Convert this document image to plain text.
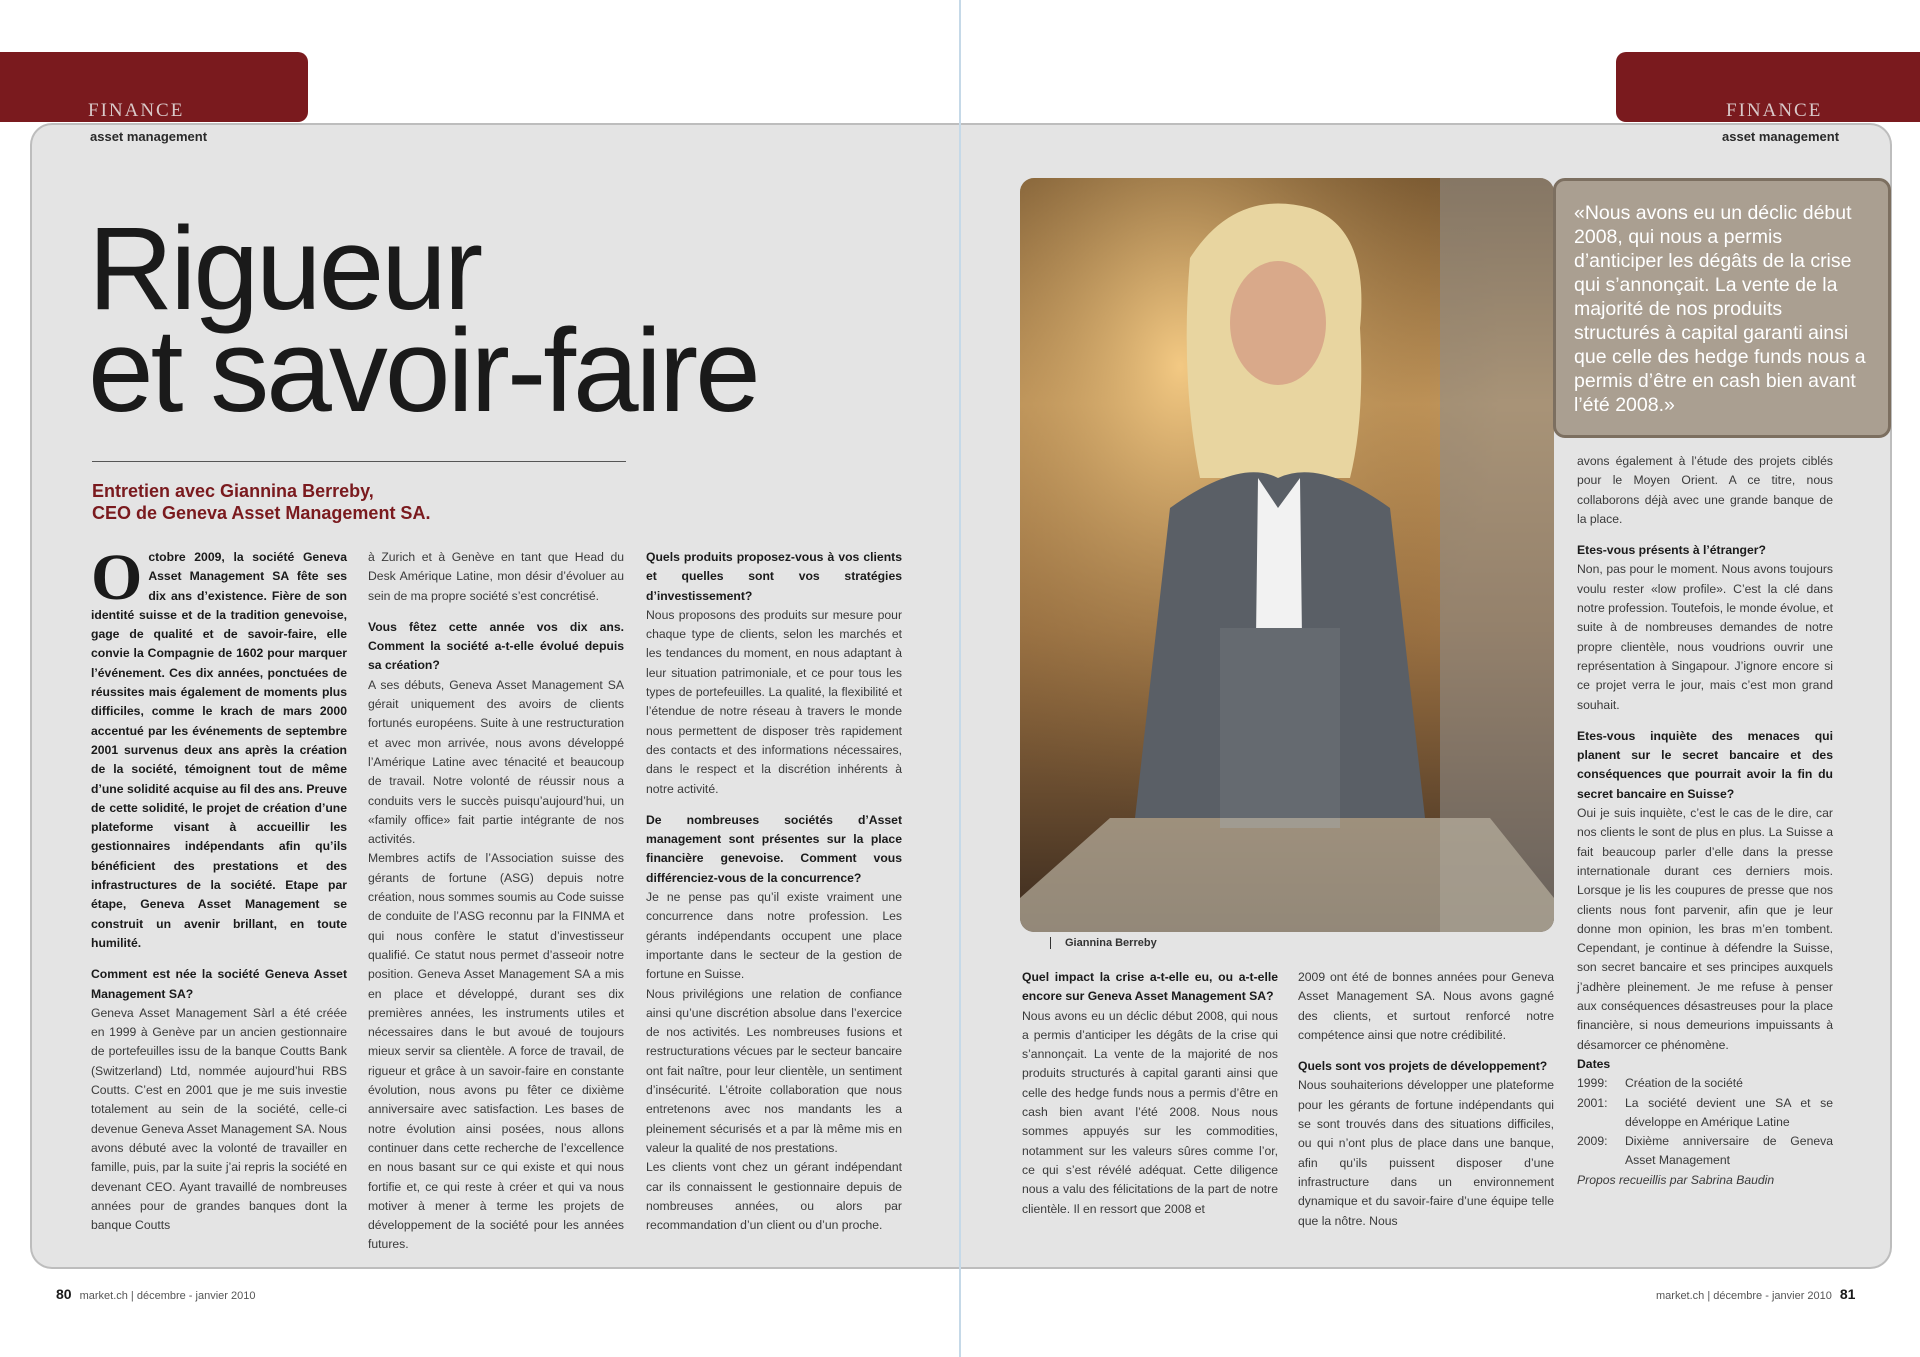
FINANCE
asset management
FINANCE
asset management
Rigueur
et savoir-faire
Entretien avec Giannina Berreby,
CEO de Geneva Asset Management SA.

Octobre 2009, la société Geneva Asset Management SA fête ses dix ans d’existence. Fière de son identité suisse et de la tradition genevoise, gage de qualité et de savoir-faire, elle convie la Compagnie de 1602 pour marquer l’événement. Ces dix années, ponctuées de réussites mais également de moments plus difficiles, comme le krach de mars 2000 accentué par les événements de septembre 2001 survenus deux ans après la création de la société, témoignent tout de même d’une solidité acquise au fil des ans. Preuve de cette solidité, le projet de création d’une plateforme visant à accueillir les gestionnaires indépendants afin qu’ils bénéficient des prestations et des infrastructures de la société. Etape par étape, Geneva Asset Management se construit un avenir brillant, en toute humilité.

Comment est née la société Geneva Asset Management SA?

Geneva Asset Management Sàrl a été créée en 1999 à Genève par un ancien gestionnaire de portefeuilles issu de la banque Coutts Bank (Switzerland) Ltd, nommée aujourd’hui RBS Coutts. C’est en 2001 que je me suis investie totalement au sein de la société, celle-ci devenue Geneva Asset Management SA. Nous avons débuté avec la volonté de travailler en famille, puis, par la suite j’ai repris la société en devenant CEO. Ayant travaillé de nombreuses années pour de grandes banques dont la banque Coutts

à Zurich et à Genève en tant que Head du Desk Amérique Latine, mon désir d’évoluer au sein de ma propre société s’est concrétisé.

Vous fêtez cette année vos dix ans. Comment la société a-t-elle évolué depuis sa création?

A ses débuts, Geneva Asset Management SA gérait uniquement des avoirs de clients fortunés européens. Suite à une restructuration et avec mon arrivée, nous avons développé l’Amérique Latine avec ténacité et beaucoup de travail. Notre volonté de réussir nous a conduits vers le succès puisqu’aujourd’hui, un «family office» fait partie intégrante de nos activités.

Membres actifs de l’Association suisse des gérants de fortune (ASG) depuis notre création, nous sommes soumis au Code suisse de conduite de l’ASG reconnu par la FINMA et qui nous confère le statut d’investisseur qualifié. Ce statut nous permet d’asseoir notre position. Geneva Asset Management SA a mis en place et développé, durant ses dix premières années, les instruments utiles et nécessaires dans le but avoué de toujours mieux servir sa clientèle. A force de travail, de rigueur et grâce à un savoir-faire en constante évolution, nous avons pu fêter ce dixième anniversaire avec satisfaction. Les bases de notre évolution ainsi posées, nous allons continuer dans cette recherche de l’excellence en nous basant sur ce qui existe et qui nous fortifie et, ce qui reste à créer et qui va nous motiver à mener à terme les projets de développement de la société pour les années futures.

Quels produits proposez-vous à vos clients et quelles sont vos stratégies d’investissement?

Nous proposons des produits sur mesure pour chaque type de clients, selon les marchés et les tendances du moment, en nous adaptant à leur situation patrimoniale, et ce pour tous les types de portefeuilles. La qualité, la flexibilité et l’étendue de notre réseau à travers le monde nous permettent de disposer très rapidement des contacts et des informations nécessaires, dans le respect et la discrétion inhérents à notre activité.

De nombreuses sociétés d’Asset management sont présentes sur la place financière genevoise. Comment vous différenciez-vous de la concurrence?

Je ne pense pas qu’il existe vraiment une concurrence dans notre profession. Les gérants indépendants occupent une place importante dans le secteur de la gestion de fortune en Suisse.

Nous privilégions une relation de confiance ainsi qu’une discrétion absolue dans l’exercice de nos activités. Les nombreuses fusions et restructurations vécues par le secteur bancaire ont fait naître, pour leur clientèle, un sentiment d’insécurité. L’étroite collaboration que nous entretenons avec nos mandants les a pleinement sécurisés et a par là même mis en valeur la qualité de nos prestations.

Les clients vont chez un gérant indépendant car ils connaissent le gestionnaire depuis de nombreuses années, ou alors par recommandation d’un client ou d’un proche.

Giannina Berreby
«Nous avons eu un déclic début 2008, qui nous a permis d’anticiper les dégâts de la crise qui s’annonçait. La vente de la majorité de nos produits structurés à capital garanti ainsi que celle des hedge funds nous a permis d’être en cash bien avant l’été 2008.»

Quel impact la crise a-t-elle eu, ou a-t-elle encore sur Geneva Asset Management SA?

Nous avons eu un déclic début 2008, qui nous a permis d’anticiper les dégâts de la crise qui s’annonçait. La vente de la majorité de nos produits structurés à capital garanti ainsi que celle des hedge funds nous a permis d’être en cash bien avant l’été 2008. Nous nous sommes appuyés sur les commodities, notamment sur les valeurs sûres comme l’or, ce qui s’est révélé adéquat. Cette diligence nous a valu des félicitations de la part de notre clientèle. Il en ressort que 2008 et

2009 ont été de bonnes années pour Geneva Asset Management SA. Nous avons gagné des clients, et surtout renforcé notre compétence ainsi que notre crédibilité.

Quels sont vos projets de développement?

Nous souhaiterions développer une plateforme pour les gérants de fortune indépendants qui se sont trouvés dans des situations difficiles, ou qui n’ont plus de place dans une banque, afin qu’ils puissent disposer d’une infrastructure dans un environnement dynamique et du savoir-faire d’une équipe telle que la nôtre. Nous

avons également à l’étude des projets ciblés pour le Moyen Orient. A ce titre, nous collaborons déjà avec une grande banque de la place.

Etes-vous présents à l’étranger?

Non, pas pour le moment. Nous avons toujours voulu rester «low profile». C’est la clé dans notre profession. Toutefois, le monde évolue, et suite à de nombreuses demandes de notre propre clientèle, nous voudrions ouvrir une représentation à Singapour. J’ignore encore si ce projet verra le jour, mais c’est mon grand souhait.

Etes-vous inquiète des menaces qui planent sur le secret bancaire et des conséquences que pourrait avoir la fin du secret bancaire en Suisse?

Oui je suis inquiète, c’est le cas de le dire, car nos clients le sont de plus en plus. La Suisse a fait beaucoup parler d’elle dans la presse internationale durant ces derniers mois. Lorsque je lis les coupures de presse que nos clients nous font parvenir, afin que je leur donne mon opinion, les bras m’en tombent. Cependant, je continue à défendre la Suisse, son secret bancaire et ses principes auxquels j’adhère pleinement. Je me refuse à penser aux conséquences désastreuses pour la place financière, si nous demeurions impuissants à désamorcer ce phénomène.

Dates

1999:	Création de la société
2001:	La société devient une SA et se développe en Amérique Latine
2009:	Dixième anniversaire de Geneva Asset Management

Propos recueillis par Sabrina Baudin

80 market.ch | décembre - janvier 2010	market.ch | décembre - janvier 2010 81
